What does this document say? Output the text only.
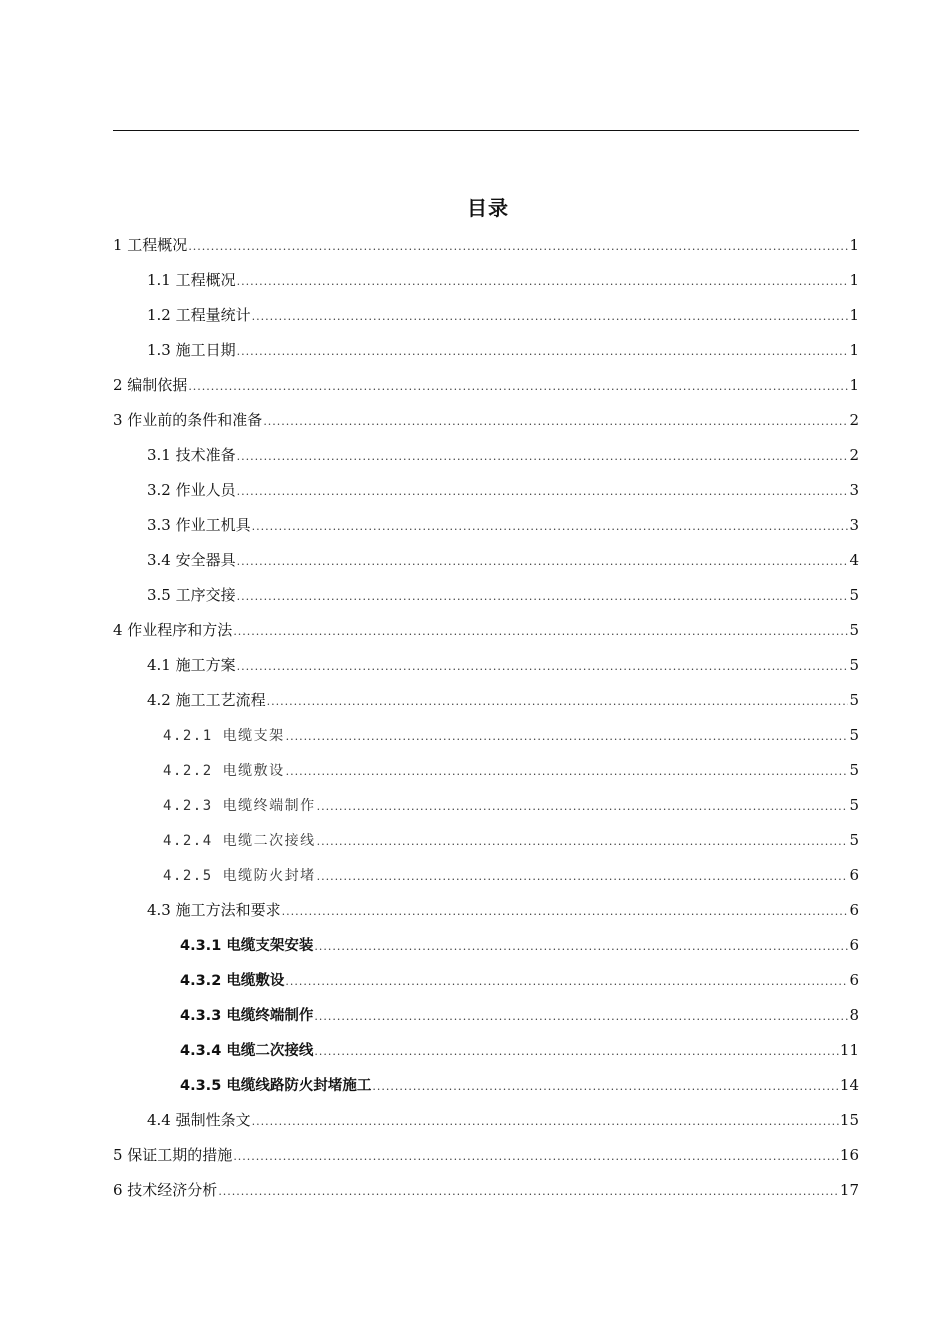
目录
1 工程概况 .....	1
1.1 工程概况 .....	1
1.2 工程量统计 .....	1
1.3 施工日期 .....	1
2 编制依据 .....	1
3 作业前的条件和准备 .....	2
3.1 技术准备 .....	2
3.2 作业人员 .....	3
3.3 作业工机具 .....	3
3.4 安全器具 .....	4
3.5 工序交接 .....	5
4 作业程序和方法 .....	5
4.1 施工方案 .....	5
4.2 施工工艺流程 .....	5
4.2.1 电缆支架 .....	5
4.2.2 电缆敷设 .....	5
4.2.3 电缆终端制作 .....	5
4.2.4 电缆二次接线 .....	5
4.2.5 电缆防火封堵 .....	6
4.3 施工方法和要求 .....	6
4.3.1 电缆支架安装 .....	6
4.3.2 电缆敷设 .....	6
4.3.3 电缆终端制作 .....	8
4.3.4 电缆二次接线 .....	11
4.3.5 电缆线路防火封堵施工 .....	14
4.4 强制性条文 .....	15
5 保证工期的措施 .....	16
6 技术经济分析 .....	17
